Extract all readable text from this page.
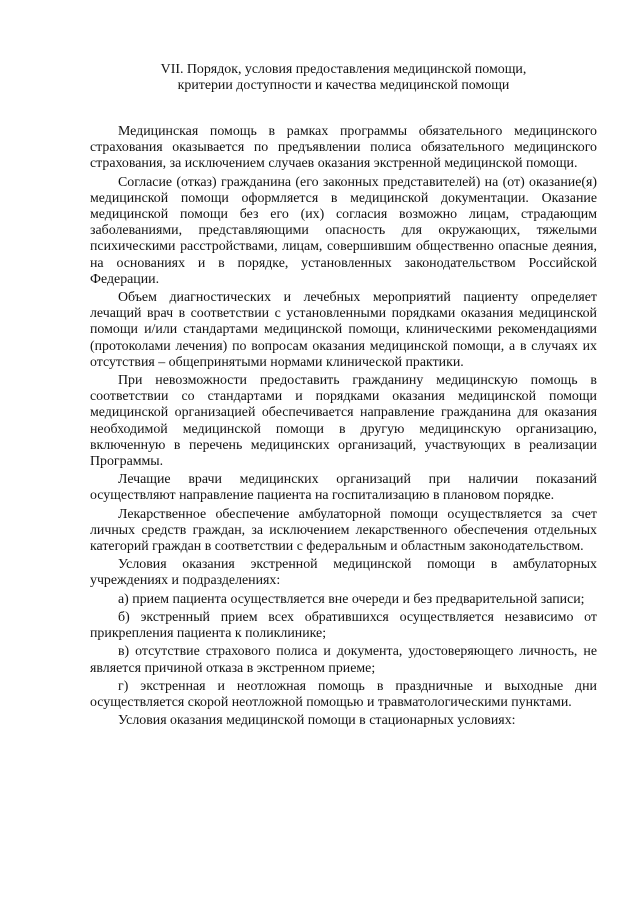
VII. Порядок, условия предоставления медицинской помощи,
критерии доступности и качества медицинской помощи

Медицинская помощь в рамках программы обязательного медицинского страхования оказывается по предъявлении полиса обязательного медицинского страхования, за исключением случаев оказания экстренной медицинской помощи.

Согласие (отказ) гражданина (его законных представителей) на (от) оказание(я) медицинской помощи оформляется в медицинской документации. Оказание медицинской помощи без его (их) согласия возможно лицам, страдающим заболеваниями, представляющими опасность для окружающих, тяжелыми психическими расстройствами, лицам, совершившим общественно опасные деяния, на основаниях и в порядке, установленных законодательством Российской Федерации.

Объем диагностических и лечебных мероприятий пациенту определяет лечащий врач в соответствии с установленными порядками оказания медицинской помощи и/или стандартами медицинской помощи, клиническими рекомендациями (протоколами лечения) по вопросам оказания медицинской помощи, а в случаях их отсутствия – общепринятыми нормами клинической практики.

При невозможности предоставить гражданину медицинскую помощь в соответствии со стандартами и порядками оказания медицинской помощи медицинской организацией обеспечивается направление гражданина для оказания необходимой медицинской помощи в другую медицинскую организацию, включенную в перечень медицинских организаций, участвующих в реализации Программы.

Лечащие врачи медицинских организаций при наличии показаний осуществляют направление пациента на госпитализацию в плановом порядке.

Лекарственное обеспечение амбулаторной помощи осуществляется за счет личных средств граждан, за исключением лекарственного обеспечения отдельных категорий граждан в соответствии с федеральным и областным законодательством.

Условия оказания экстренной медицинской помощи в амбулаторных учреждениях и подразделениях:

а) прием пациента осуществляется вне очереди и без предварительной записи;

б) экстренный прием всех обратившихся осуществляется независимо от прикрепления пациента к поликлинике;

в) отсутствие страхового полиса и документа, удостоверяющего личность, не является причиной отказа в экстренном приеме;

г) экстренная и неотложная помощь в праздничные и выходные дни осуществляется скорой неотложной помощью и травматологическими пунктами.

Условия оказания медицинской помощи в стационарных условиях:
